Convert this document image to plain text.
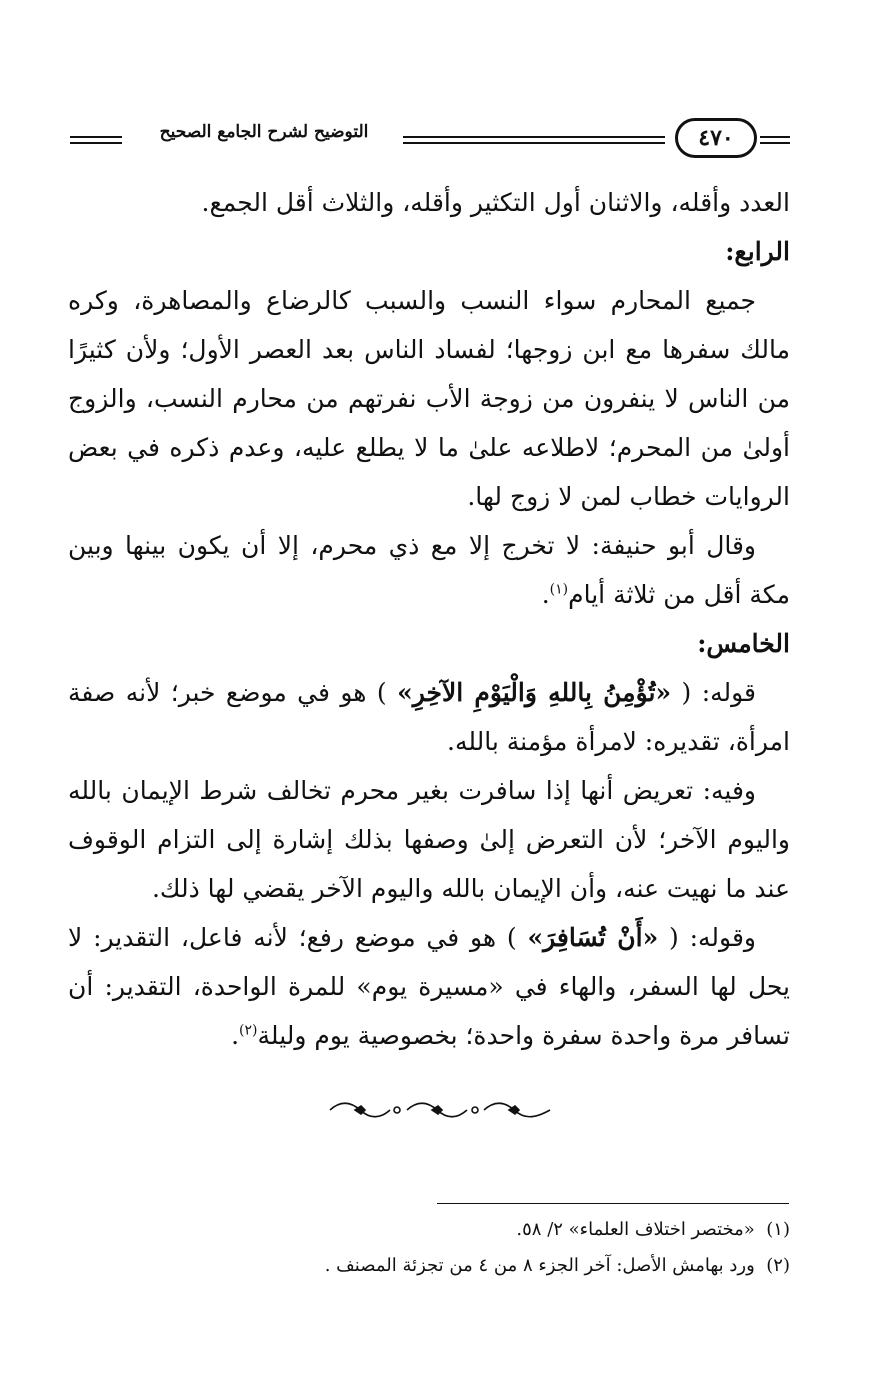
التوضيح لشرح الجامع الصحيح	٤٧٠

العدد وأقله، والاثنان أول التكثير وأقله، والثلاث أقل الجمع.

الرابع:

جميع المحارم سواء النسب والسبب كالرضاع والمصاهرة، وكره مالك سفرها مع ابن زوجها؛ لفساد الناس بعد العصر الأول؛ ولأن كثيرًا من الناس لا ينفرون من زوجة الأب نفرتهم من محارم النسب، والزوج أولىٰ من المحرم؛ لاطلاعه علىٰ ما لا يطلع عليه، وعدم ذكره في بعض الروايات خطاب لمن لا زوج لها.

وقال أبو حنيفة: لا تخرج إلا مع ذي محرم، إلا أن يكون بينها وبين مكة أقل من ثلاثة أيام$^{(١)}$.

الخامس:

قوله: ( «تُؤْمِنُ بِاللهِ وَالْيَوْمِ الآخِرِ» ) هو في موضع خبر؛ لأنه صفة امرأة، تقديره: لامرأة مؤمنة بالله.

وفيه: تعريض أنها إذا سافرت بغير محرم تخالف شرط الإيمان بالله واليوم الآخر؛ لأن التعرض إلىٰ وصفها بذلك إشارة إلى التزام الوقوف عند ما نهيت عنه، وأن الإيمان بالله واليوم الآخر يقضي لها ذلك.

وقوله: ( «أَنْ تُسَافِرَ» ) هو في موضع رفع؛ لأنه فاعل، التقدير: لا يحل لها السفر، والهاء في «مسيرة يوم» للمرة الواحدة، التقدير: أن تسافر مرة واحدة سفرة واحدة؛ بخصوصية يوم وليلة$^{(٢)}$.

(١)  «مختصر اختلاف العلماء» ٢/ ٥٨.
(٢)  ورد بهامش الأصل: آخر الجزء ٨ من ٤ من تجزئة المصنف .
